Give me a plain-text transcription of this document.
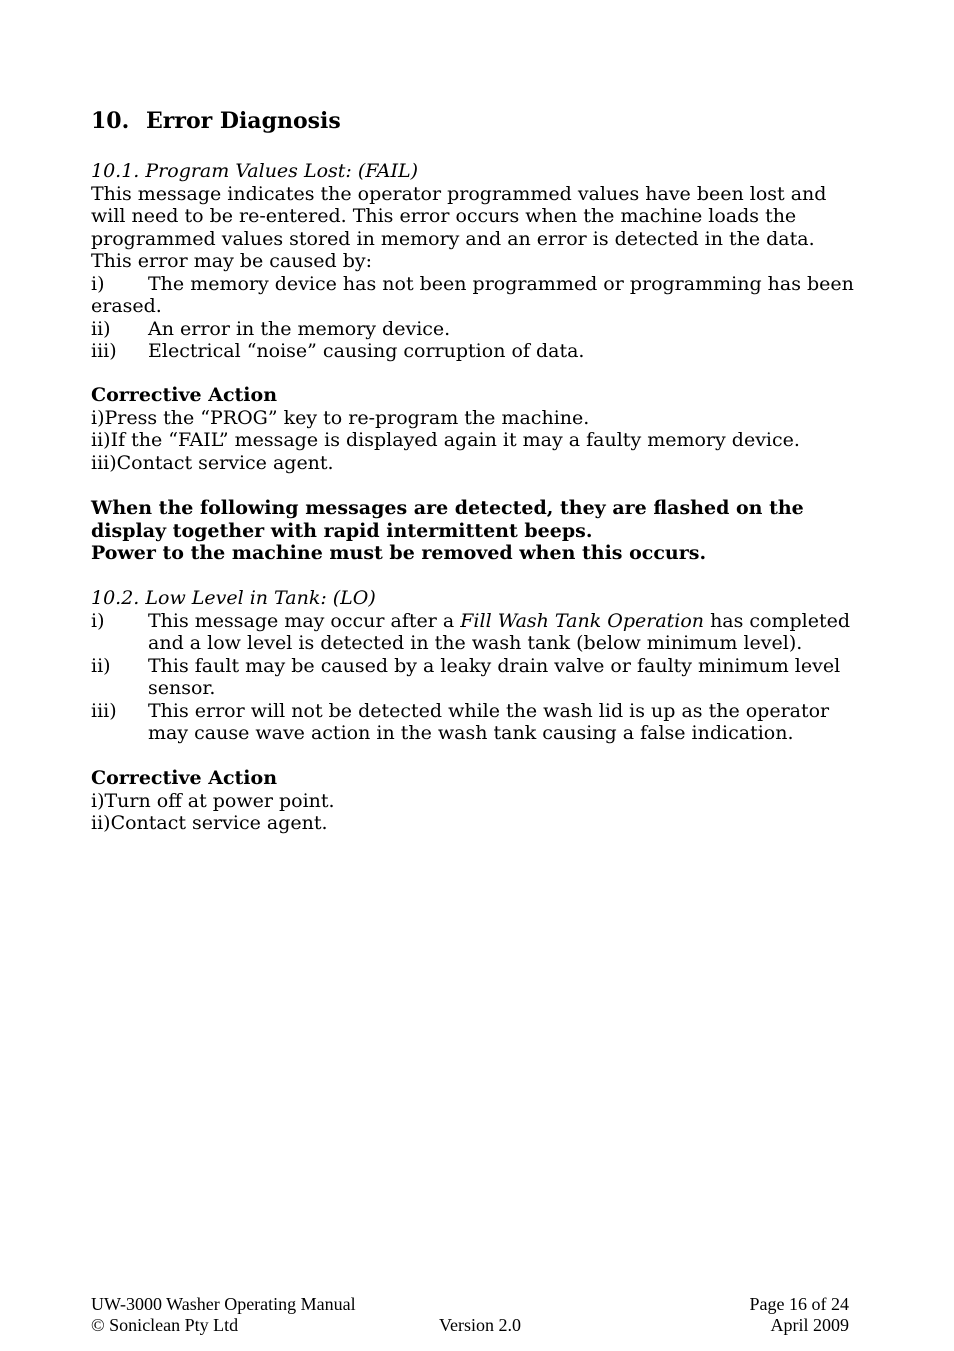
10. Error Diagnosis
10.1. Program Values Lost: (FAIL)
This message indicates the operator programmed values have been lost and
will need to be re-entered. This error occurs when the machine loads the
programmed values stored in memory and an error is detected in the data.
This error may be caused by:
i) The memory device has not been programmed or programming has been
erased.
ii) An error in the memory device.
iii) Electrical “noise” causing corruption of data.
Corrective Action
i)Press the “PROG” key to re-program the machine.
ii)If the “FAIL” message is displayed again it may a faulty memory device.
iii)Contact service agent.
When the following messages are detected, they are flashed on the
display together with rapid intermittent beeps.
Power to the machine must be removed when this occurs.
10.2. Low Level in Tank: (LO)
i) This message may occur after a Fill Wash Tank Operation has completed
and a low level is detected in the wash tank (below minimum level).
ii) This fault may be caused by a leaky drain valve or faulty minimum level
sensor.
iii) This error will not be detected while the wash lid is up as the operator
may cause wave action in the wash tank causing a false indication.
Corrective Action
i)Turn off at power point.
ii)Contact service agent.
UW-3000 Washer Operating Manual	Page 16 of 24
© Soniclean Pty Ltd	Version 2.0	April 2009
